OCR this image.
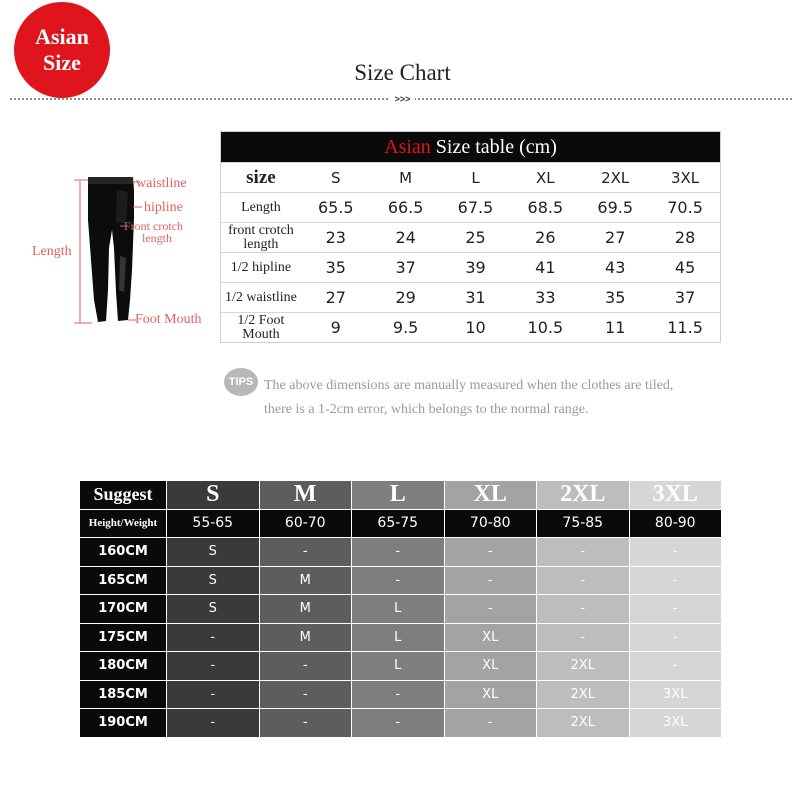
Asian
Size	Size Chart
>>>
waistline
hipline
Front crotch
length
Length
Foot Mouth
Asian Size table (cm)
size	S	M	L	XL	2XL	3XL
Length	65.5	66.5	67.5	68.5	69.5	70.5
front crotch length	23	24	25	26	27	28
1/2 hipline	35	37	39	41	43	45
1/2 waistline	27	29	31	33	35	37
1/2 Foot Mouth	9	9.5	10	10.5	11	11.5
TIPS The above dimensions are manually measured when the clothes are tiled,
there is a 1-2cm error, which belongs to the normal range.
Suggest	S	M	L	XL	2XL	3XL
Height/Weight	55-65	60-70	65-75	70-80	75-85	80-90
160CM	S	-	-	-	-	-
165CM	S	M	-	-	-	-
170CM	S	M	L	-	-	-
175CM	-	M	L	XL	-	-
180CM	-	-	L	XL	2XL	-
185CM	-	-	-	XL	2XL	3XL
190CM	-	-	-	-	2XL	3XL
